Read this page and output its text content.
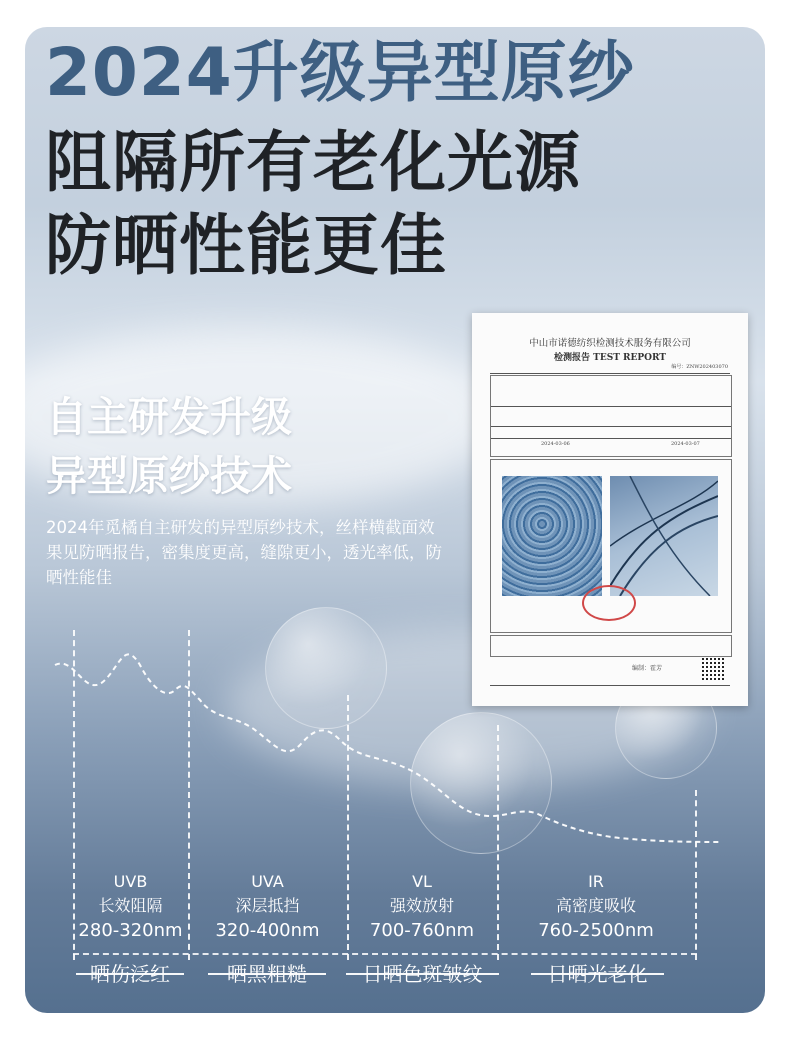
2024升级异型原纱
阻隔所有老化光源
防晒性能更佳
自主研发升级
异型原纱技术
2024年觅橘自主研发的异型原纱技术，丝样横截面效果见防晒报告，密集度更高，缝隙更小，透光率低，防晒性能佳
中山市诺德纺织检测技术服务有限公司
检测报告 TEST REPORT
编号：ZNW202403070
2024-03-06	2024-03-07
编制：霍芳
UVB
长效阻隔
280-320nm
UVA
深层抵挡
320-400nm
VL
强效放射
700-760nm
IR
高密度吸收
760-2500nm
晒伤泛红	晒黑粗糙	日晒色斑皱纹	日晒光老化
